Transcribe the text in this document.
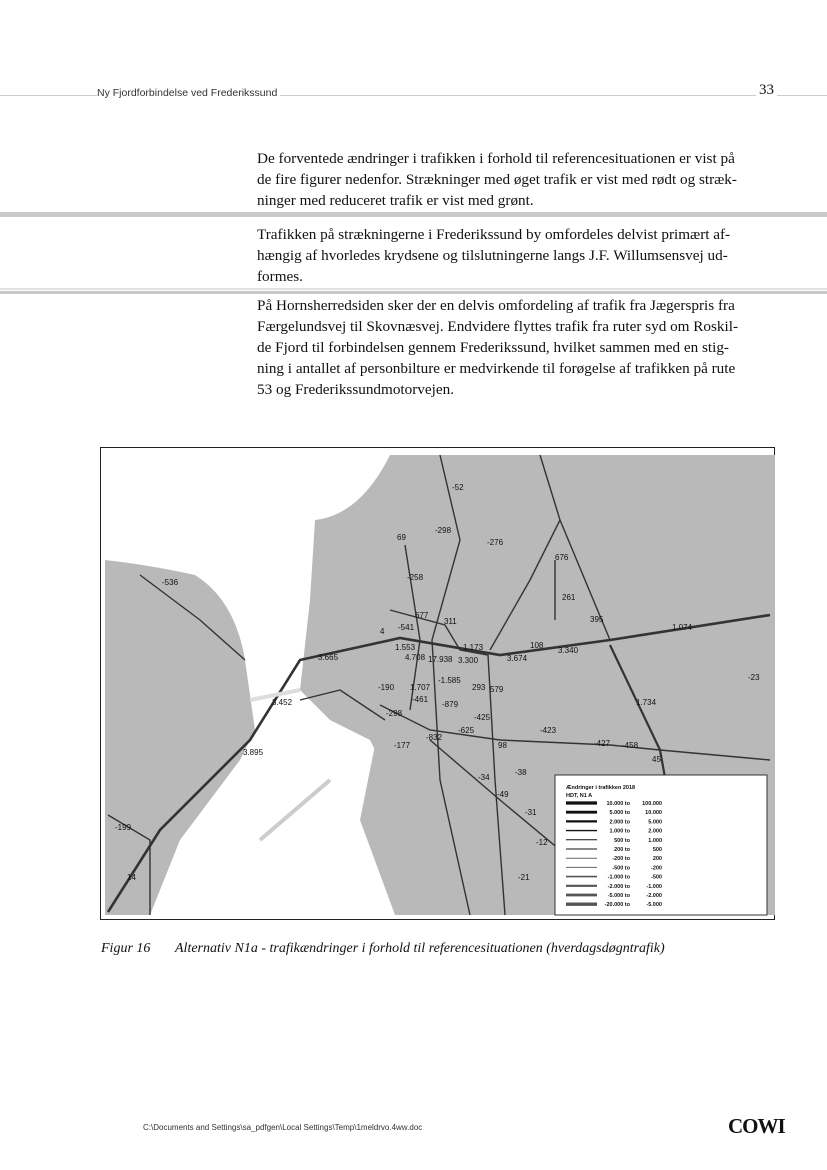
Ny Fjordforbindelse ved Frederikssund	33
De forventede ændringer i trafikken i forhold til referencesituationen er vist på
de fire figurer nedenfor. Strækninger med øget trafik er vist med rødt og stræk-
ninger med reduceret trafik er vist med grønt.
Trafikken på strækningerne i Frederikssund by omfordeles delvist primært af-
hængig af hvorledes krydsene og tilslutningerne langs J.F. Willumsensvej ud-
formes.
På Hornsherredsiden sker der en delvis omfordeling af trafik fra Jægerspris fra
Færgelundsvej til Skovnæsvej. Endvidere flyttes trafik fra ruter syd om Roskil-
de Fjord til forbindelsen gennem Frederikssund, hvilket sammen med en stig-
ning i antallet af personbilture er medvirkende til forøgelse af trafikken på rute
53 og Frederikssundmotorvejen.
-298
-276
676
-258
69
-52
677
311
4 -541
1.553
4.708 17.938 3.300
1.173
3.674
108
3.340
1.074
261
395
-625
1.707
-1.585
-879
293
-190
-461
-298
-177
-832
-425
-423
-427 -458
98
-34
-38
-31
-49
-12
-21
3.665
3.452
3.895
-536
-199
14
1.734
45
-23
579
Ændringer i trafikken 2018
HDT, N1 A
10.000 to 100.000
5.000 to	10.000
2.000 to	5.000
1.000 to	2.000
500 to	1.000
200 to	500
-200 to	200
-500 to	-200
-1.000 to	-500
-2.000 to	-1.000
-5.000 to	-2.000
-20.000 to	-5.000
Figur 16 Alternativ N1a - trafikændringer i forhold til referencesituationen (hverdagsdøgntrafik)
C:\Documents and Settings\sa_pdfgen\Local Settings\Temp\1meldrvo.4ww.doc	COWI
